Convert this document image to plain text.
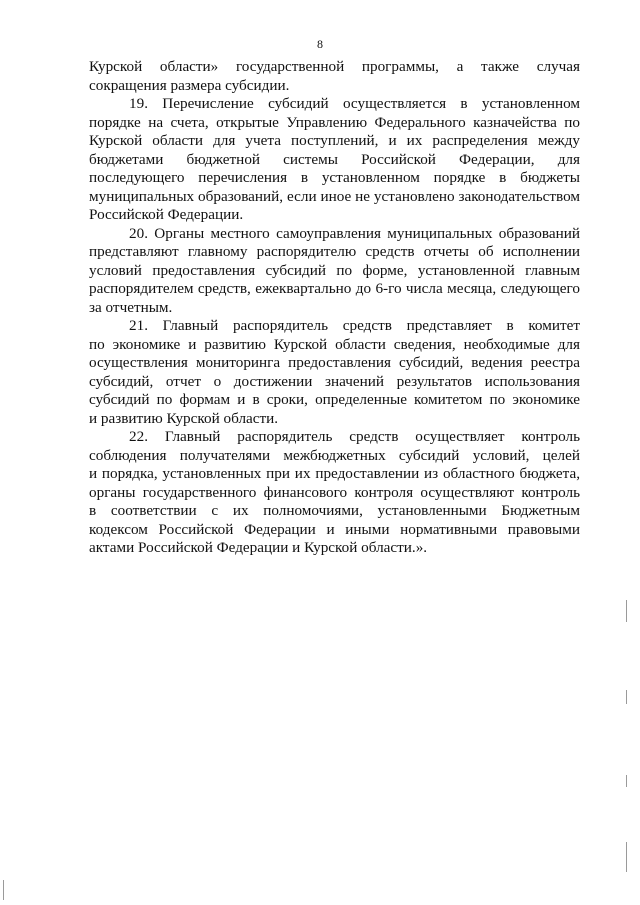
8
Курской области» государственной программы, а также случая
сокращения размера субсидии.
19. Перечисление субсидий осуществляется в установленном
порядке на счета, открытые Управлению Федерального казначейства по
Курской области для учета поступлений, и их распределения между
бюджетами бюджетной системы Российской Федерации, для
последующего перечисления в установленном порядке в бюджеты
муниципальных образований, если иное не установлено законодательством
Российской Федерации.
20. Органы местного самоуправления муниципальных образований
представляют главному распорядителю средств отчеты об исполнении
условий предоставления субсидий по форме, установленной главным
распорядителем средств, ежеквартально до 6-го числа месяца, следующего
за отчетным.
21. Главный распорядитель средств представляет в комитет
по экономике и развитию Курской области сведения, необходимые для
осуществления мониторинга предоставления субсидий, ведения реестра
субсидий, отчет о достижении значений результатов использования
субсидий по формам и в сроки, определенные комитетом по экономике
и развитию Курской области.
22. Главный распорядитель средств осуществляет контроль
соблюдения получателями межбюджетных субсидий условий, целей
и порядка, установленных при их предоставлении из областного бюджета,
органы государственного финансового контроля осуществляют контроль
в соответствии с их полномочиями, установленными Бюджетным
кодексом Российской Федерации и иными нормативными правовыми
актами Российской Федерации и Курской области.».
